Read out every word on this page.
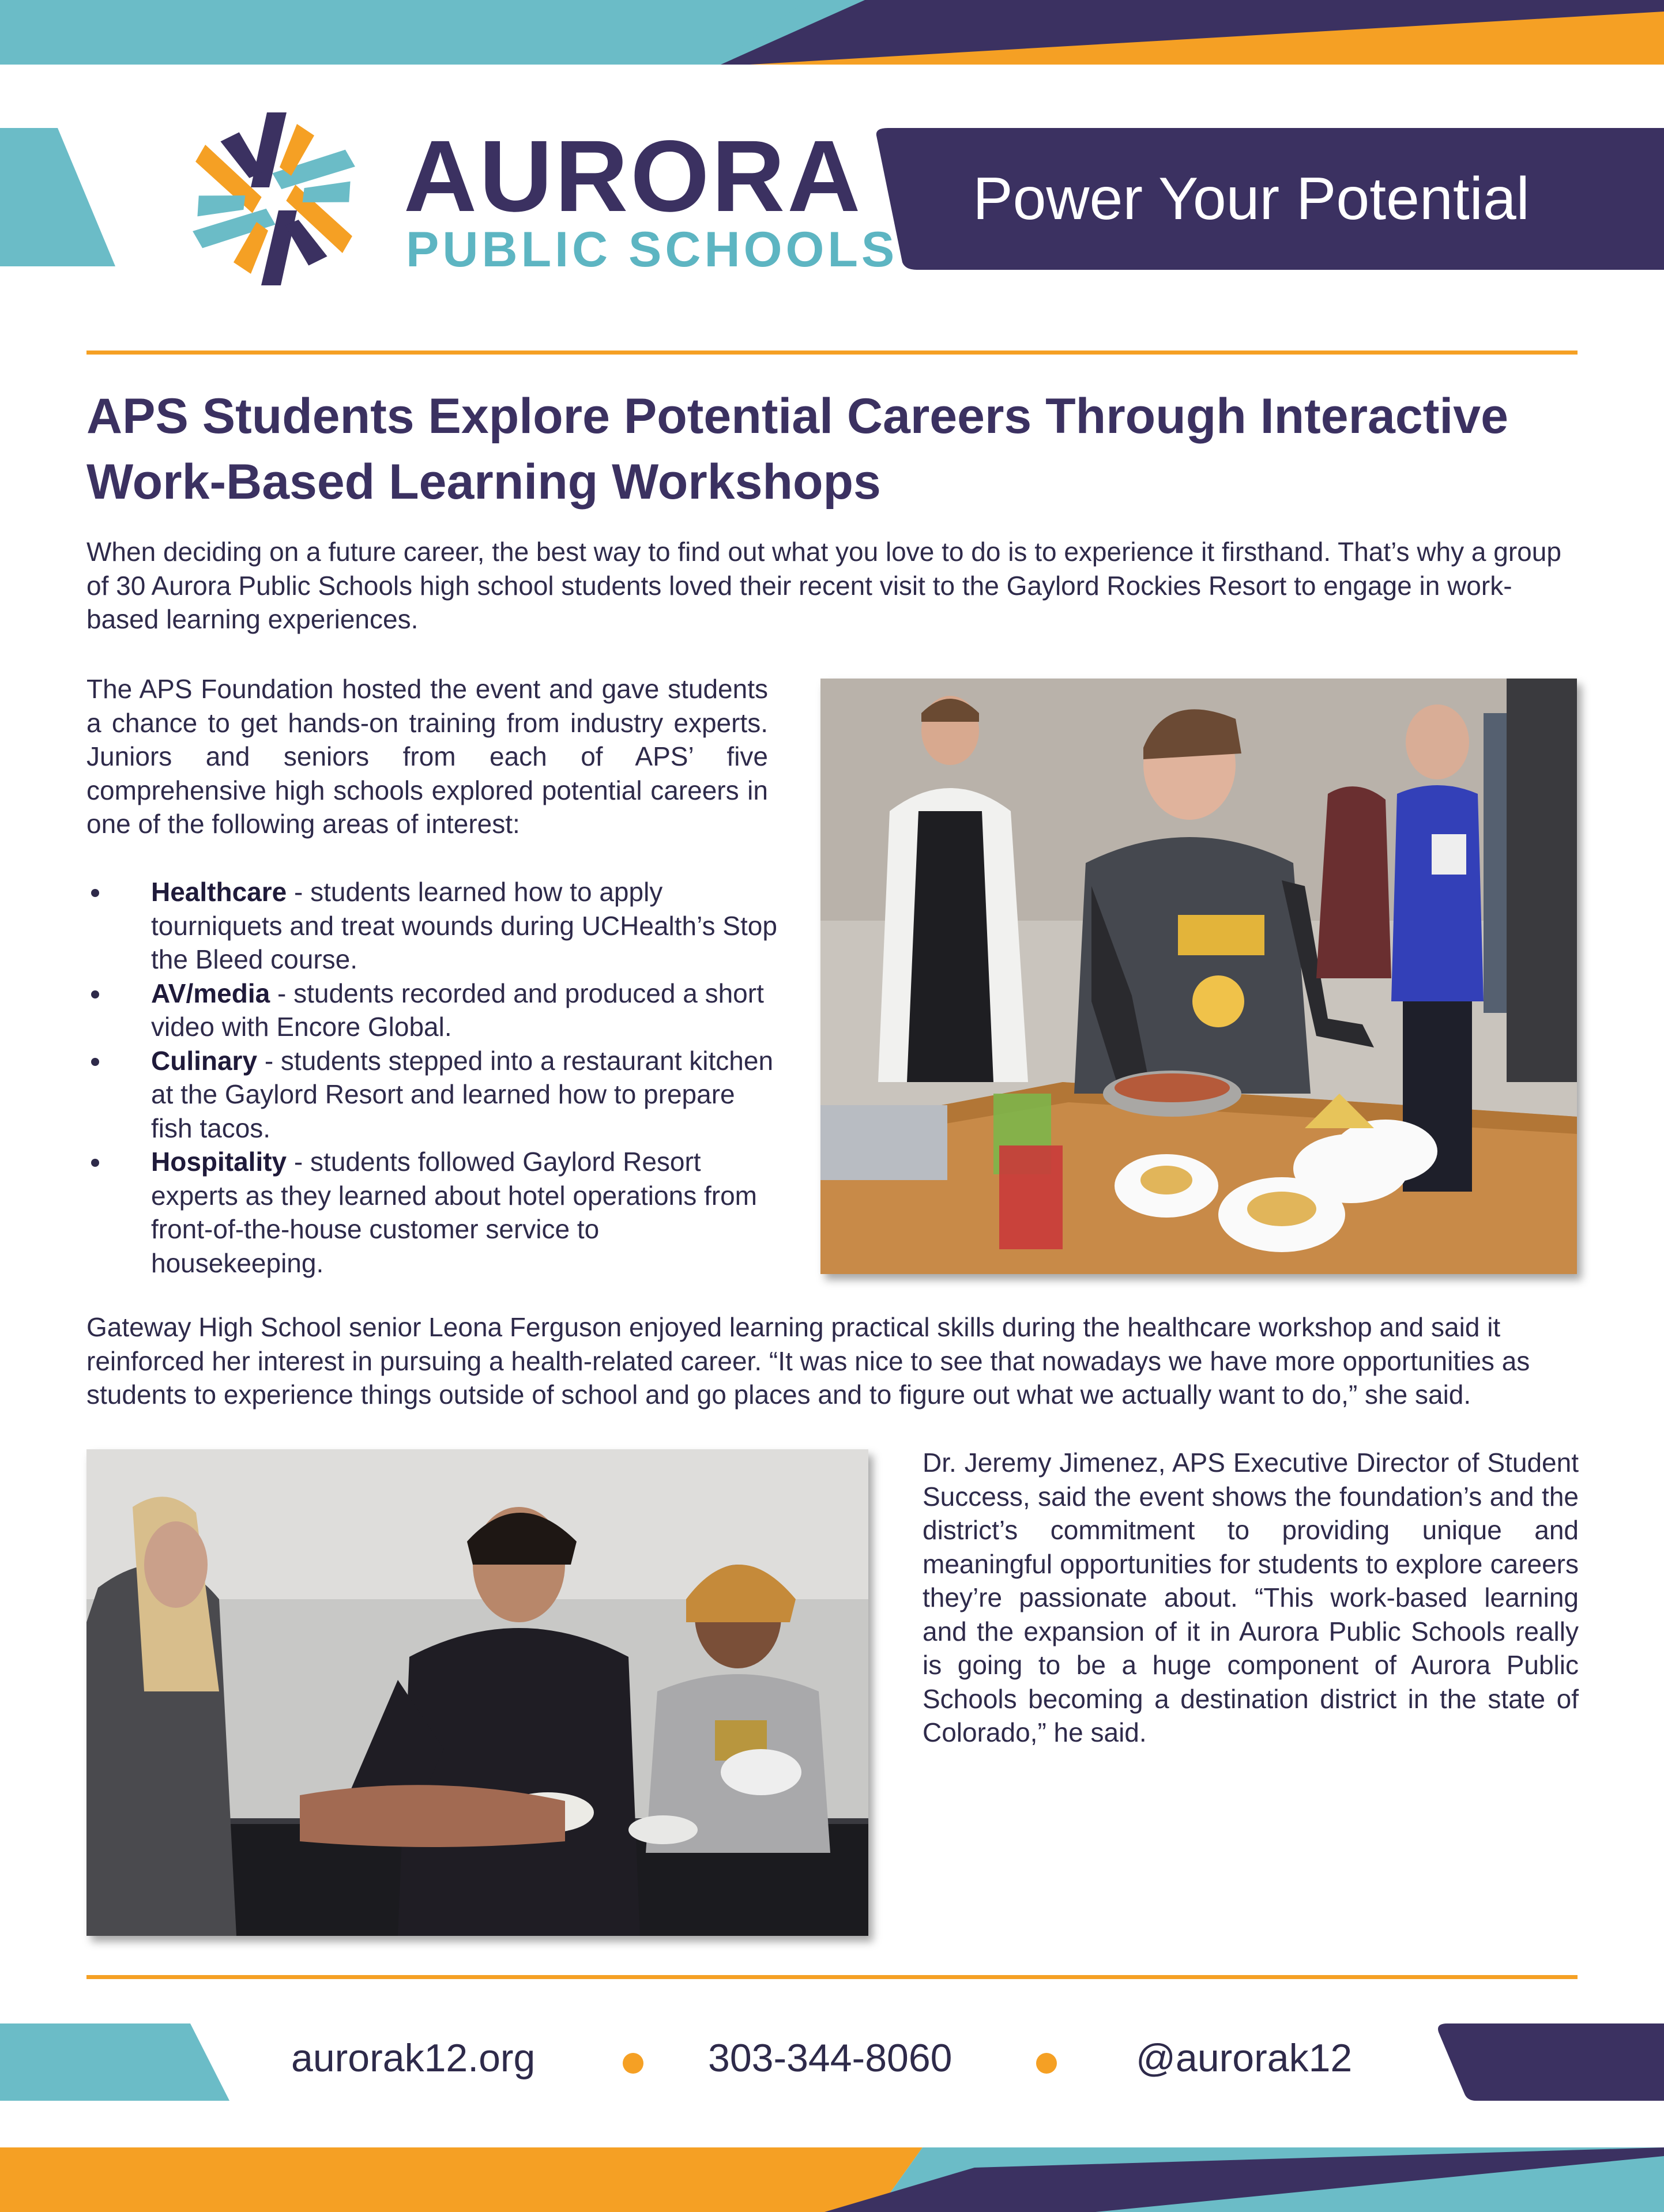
AURORA
PUBLIC SCHOOLS
Power Your Potential
APS Students Explore Potential Careers Through Interactive Work-Based Learning Workshops

When deciding on a future career, the best way to find out what you love to do is to experience it firsthand. That’s why a group of 30 Aurora Public Schools high school students loved their recent visit to the Gaylord Rockies Resort to engage in work-based learning experiences.

The APS Foundation hosted the event and gave students a chance to get hands-on training from industry experts. Juniors and seniors from each of APS’ five comprehensive high schools explored potential careers in one of the following areas of interest:

Healthcare - students learned how to apply tourniquets and treat wounds during UCHealth’s Stop the Bleed course.
AV/media - students recorded and produced a short video with Encore Global.
Culinary - students stepped into a restaurant kitchen at the Gaylord Resort and learned how to prepare fish tacos.
Hospitality - students followed Gaylord Resort experts as they learned about hotel operations from front-of-the-house customer service to housekeeping.

Gateway High School senior Leona Ferguson enjoyed learning practical skills during the healthcare workshop and said it reinforced her interest in pursuing a health-related career. “It was nice to see that nowadays we have more opportunities as students to experience things outside of school and go places and to figure out what we actually want to do,” she said.

Dr. Jeremy Jimenez, APS Executive Director of Student Success, said the event shows the foundation’s and the district’s commitment to providing unique and meaningful opportunities for students to explore careers they’re passionate about. “This work-based learning and the expansion of it in Aurora Public Schools really is going to be a huge component of Aurora Public Schools becoming a destination district in the state of Colorado,” he said.

aurorak12.org	303-344-8060	@aurorak12
